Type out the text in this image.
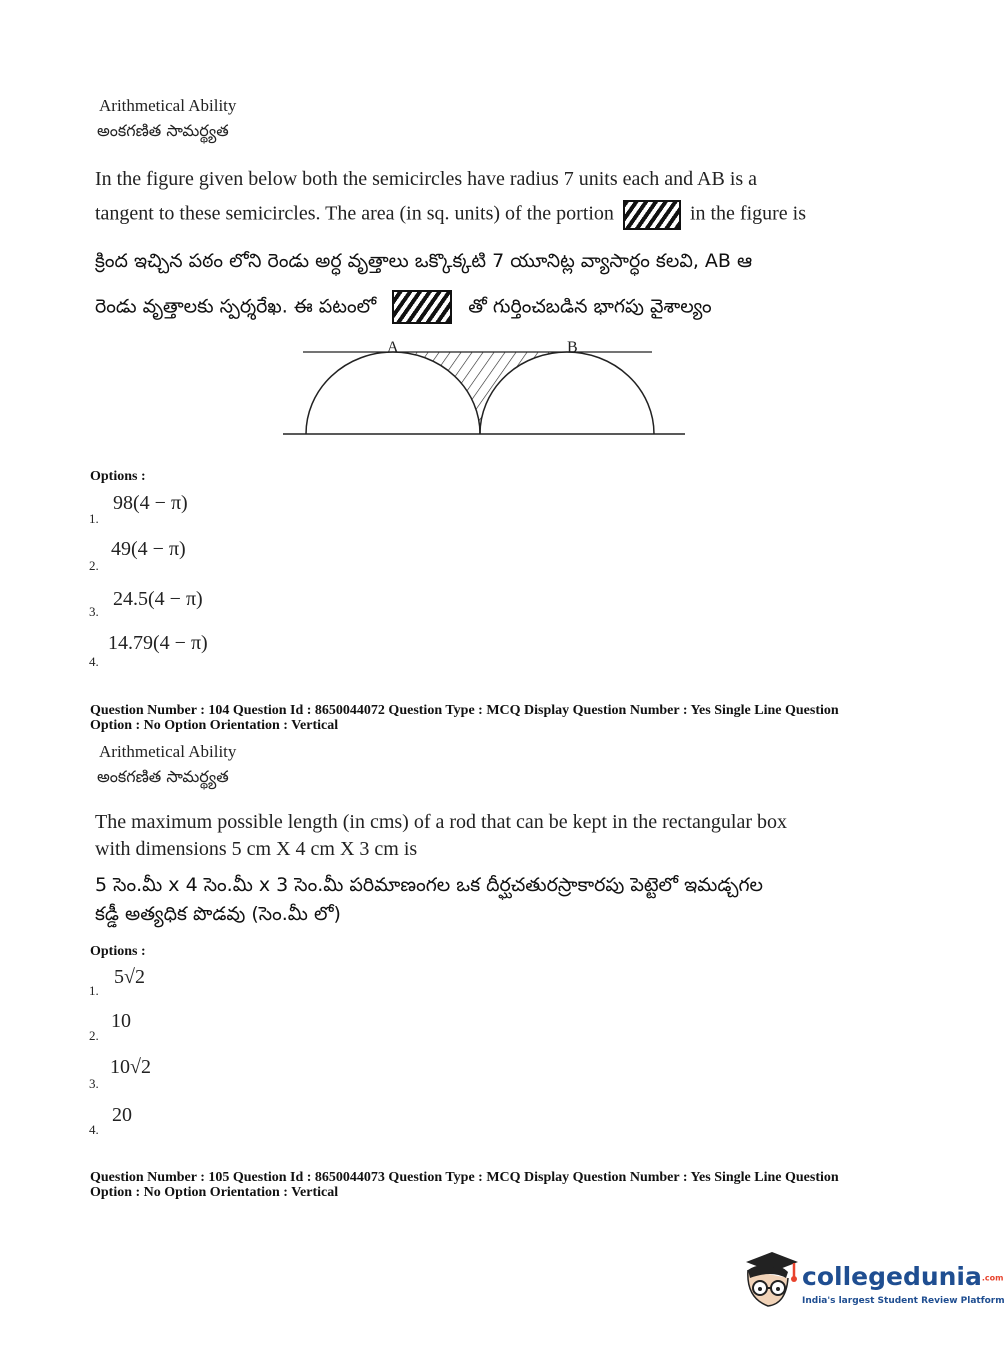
Arithmetical Ability
అంకగణిత సామర్థ్యత
In the figure given below both the semicircles have radius 7 units each and AB is a
tangent to these semicircles. The area (in sq. units) of the portion	in the figure is
క్రింద ఇచ్చిన పఠం లోని రెండు అర్ధ వృత్తాలు ఒక్కొక్కటి 7 యూనిట్ల వ్యాసార్ధం కలవి, AB ఆ
రెండు వృత్తాలకు స్పర్శరేఖ. ఈ పటంలో	తో గుర్తించబడిన భాగపు వైశాల్యం
A	B
Options :
1.
98(4 − π)
2.
49(4 − π)
3.
24.5(4 − π)
4.
14.79(4 − π)
Question Number : 104 Question Id : 8650044072 Question Type : MCQ Display Question Number : Yes Single Line Question
Option : No Option Orientation : Vertical
Arithmetical Ability
అంకగణిత సామర్థ్యత
The maximum possible length (in cms) of a rod that can be kept in the rectangular box
with dimensions 5 cm X 4 cm X 3 cm is
5 సెం.మీ x 4 సెం.మీ x 3 సెం.మీ పరిమాణంగల ఒక దీర్ఘచతురస్రాకారపు పెట్టెలో ఇమడ్చగల
కడ్డీ అత్యధిక పొడవు (సెం.మీ లో)
Options :
1.
5√2
2.
10
3.
10√2
4.
20
Question Number : 105 Question Id : 8650044073 Question Type : MCQ Display Question Number : Yes Single Line Question
Option : No Option Orientation : Vertical
collegedunia.com
India's largest Student Review Platform
